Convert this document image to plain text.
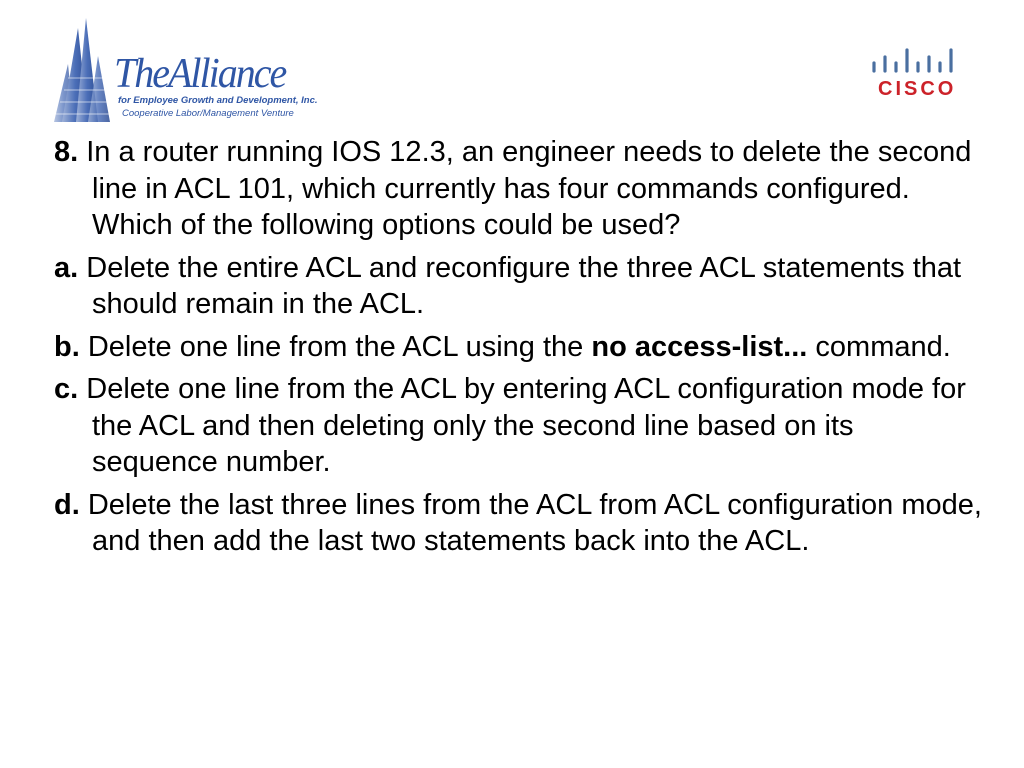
TheAlliance
for Employee Growth and Development, Inc.
Cooperative Labor/Management Venture
CISCO
8. In a router running IOS 12.3, an engineer needs to delete the second line in ACL 101, which currently has four commands configured. Which of the following options could be used?
a. Delete the entire ACL and reconfigure the three ACL statements that should remain in the ACL.
b. Delete one line from the ACL using the no access-list... command.
c. Delete one line from the ACL by entering ACL configuration mode for the ACL and then deleting only the second line based on its sequence number.
d. Delete the last three lines from the ACL from ACL configuration mode, and then add the last two statements back into the ACL.
